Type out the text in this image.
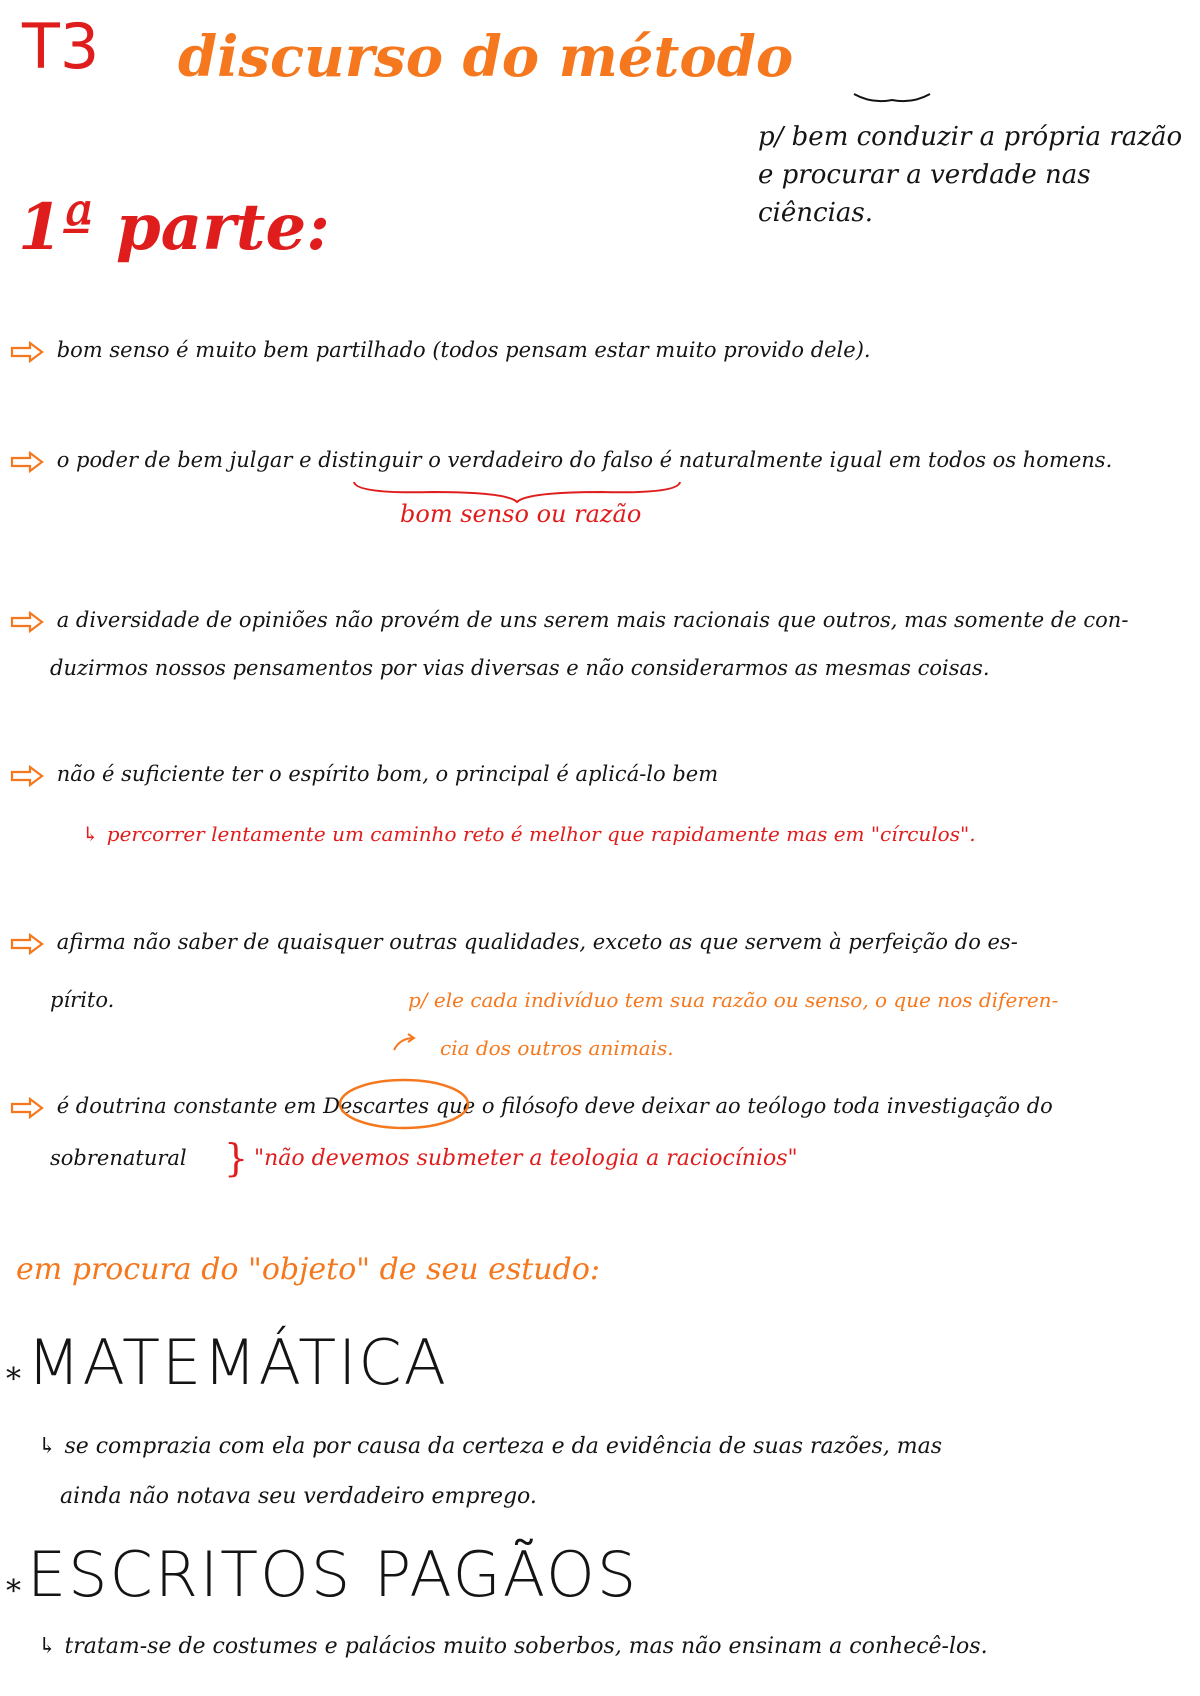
T3 discurso do método
p/ bem conduzir a própria razão e procurar a verdade nas ciências.
1ª parte:
bom senso é muito bem partilhado (todos pensam estar muito provido dele).
o poder de bem julgar e distinguir o verdadeiro do falso é naturalmente igual em todos os homens.
bom senso ou razão
a diversidade de opiniões não provém de uns serem mais racionais que outros, mas somente de con-
duzirmos nossos pensamentos por vias diversas e não considerarmos as mesmas coisas.
não é suficiente ter o espírito bom, o principal é aplicá-lo bem
↳ percorrer lentamente um caminho reto é melhor que rapidamente mas em "círculos".
afirma não saber de quaisquer outras qualidades, exceto as que servem à perfeição do es-
pírito.	p/ ele cada indivíduo tem sua razão ou senso, o que nos diferen-
cia dos outros animais.
é doutrina constante em Descartes que o filósofo deve deixar ao teólogo toda investigação do
sobrenatural } "não devemos submeter a teologia a raciocínios"
em procura do "objeto" de seu estudo:
*MATEMÁTICA
↳ se comprazia com ela por causa da certeza e da evidência de suas razões, mas
ainda não notava seu verdadeiro emprego.
*ESCRITOS PAGÃOS
↳ tratam-se de costumes e palácios muito soberbos, mas não ensinam a conhecê-los.
